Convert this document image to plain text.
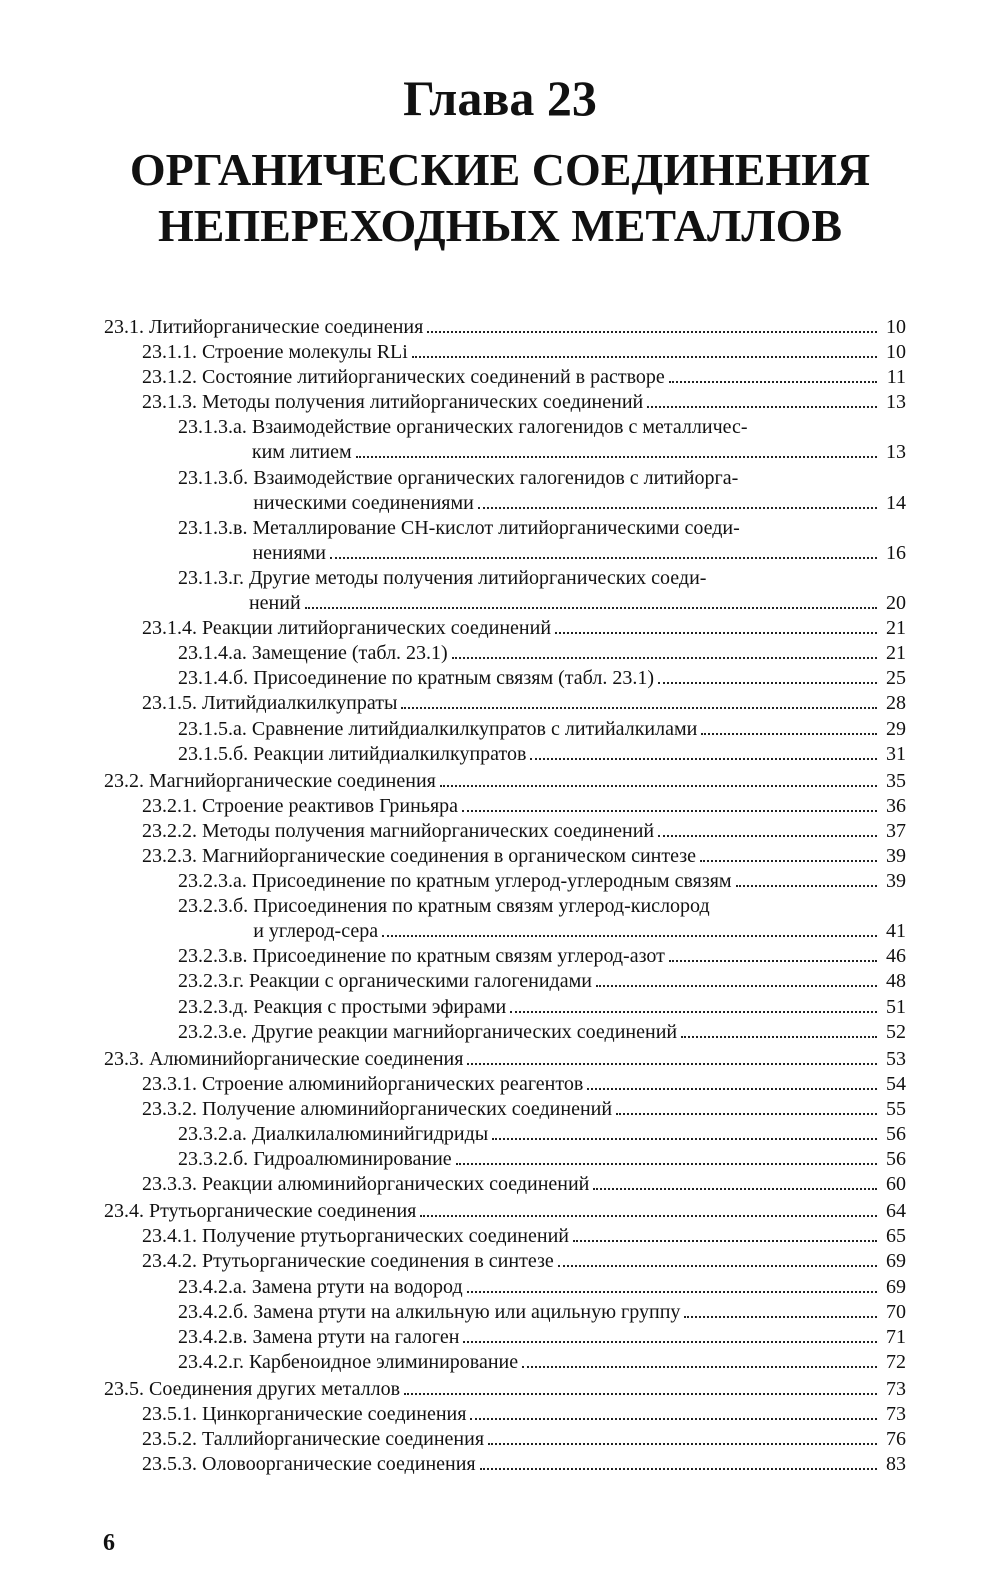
Глава 23
ОРГАНИЧЕСКИЕ СОЕДИНЕНИЯ
НЕПЕРЕХОДНЫХ МЕТАЛЛОВ
23.1. Литийорганические соединения	10
23.1.1. Строение молекулы RLi	10
23.1.2. Состояние литийорганических соединений в растворе	11
23.1.3. Методы получения литийорганических соединений	13
23.1.3.а. Взаимодействие органических галогенидов с металличес-
ким литием	13
23.1.3.б. Взаимодействие органических галогенидов с литийорга-
ническими соединениями	14
23.1.3.в. Металлирование СН-кислот литийорганическими соеди-
нениями	16
23.1.3.г. Другие методы получения литийорганических соеди-
нений	20
23.1.4. Реакции литийорганических соединений	21
23.1.4.а. Замещение (табл. 23.1)	21
23.1.4.б. Присоединение по кратным связям (табл. 23.1)	25
23.1.5. Литийдиалкилкупраты	28
23.1.5.а. Сравнение литийдиалкилкупратов с литийалкилами	29
23.1.5.б. Реакции литийдиалкилкупратов	31
23.2. Магнийорганические соединения	35
23.2.1. Строение реактивов Гриньяра	36
23.2.2. Методы получения магнийорганических соединений	37
23.2.3. Магнийорганические соединения в органическом синтезе	39
23.2.3.а. Присоединение по кратным углерод-углеродным связям	39
23.2.3.б. Присоединения по кратным связям углерод-кислород
и углерод-сера	41
23.2.3.в. Присоединение по кратным связям углерод-азот	46
23.2.3.г. Реакции с органическими галогенидами	48
23.2.3.д. Реакция с простыми эфирами	51
23.2.3.е. Другие реакции магнийорганических соединений	52
23.3. Алюминийорганические соединения	53
23.3.1. Строение алюминийорганических реагентов	54
23.3.2. Получение алюминийорганических соединений	55
23.3.2.а. Диалкилалюминийгидриды	56
23.3.2.б. Гидроалюминирование	56
23.3.3. Реакции алюминийорганических соединений	60
23.4. Ртутьорганические соединения	64
23.4.1. Получение ртутьорганических соединений	65
23.4.2. Ртутьорганические соединения в синтезе	69
23.4.2.а. Замена ртути на водород	69
23.4.2.б. Замена ртути на алкильную или ацильную группу	70
23.4.2.в. Замена ртути на галоген	71
23.4.2.г. Карбеноидное элиминирование	72
23.5. Соединения других металлов	73
23.5.1. Цинкорганические соединения	73
23.5.2. Таллийорганические соединения	76
23.5.3. Оловоорганические соединения	83
6
